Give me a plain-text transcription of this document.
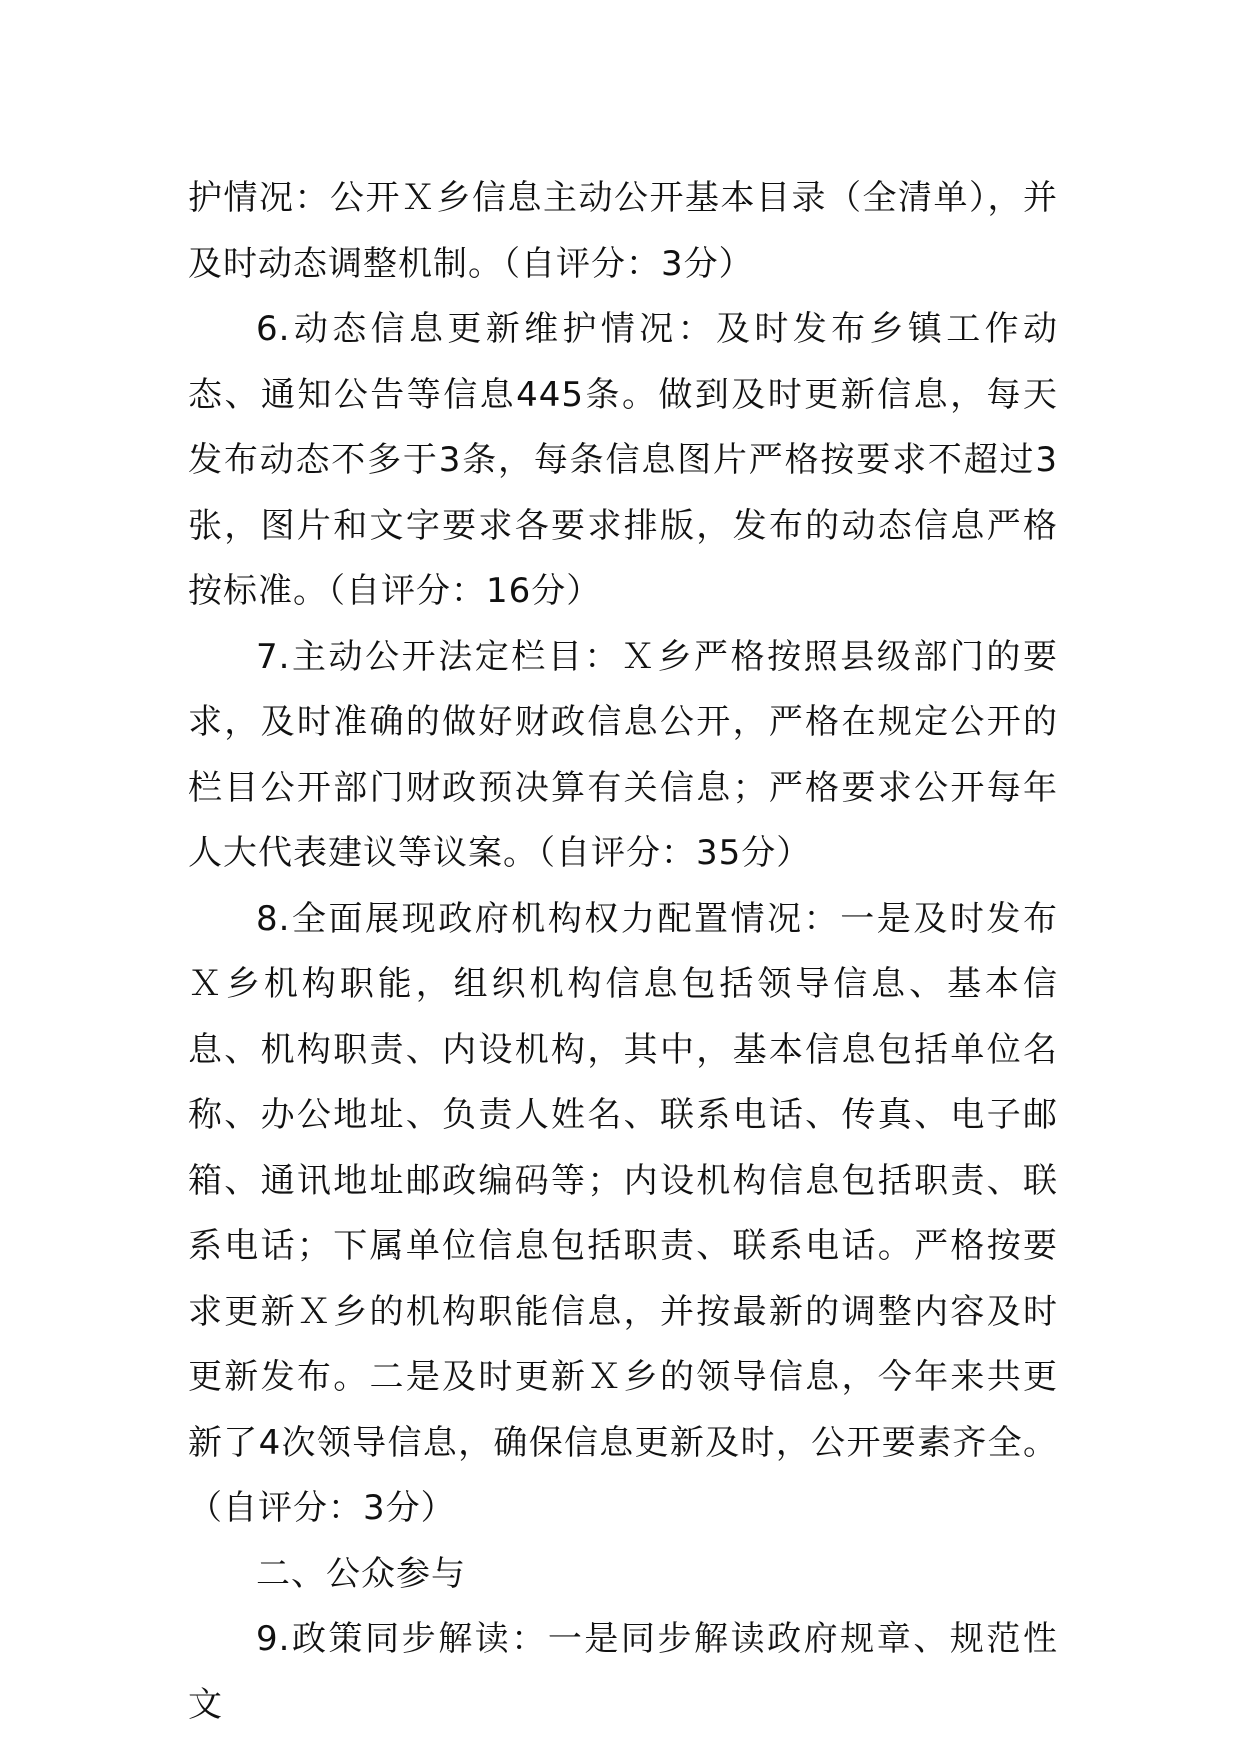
护情况：公开Ｘ乡信息主动公开基本目录（全清单），并及时动态调整机制。（自评分：3分）

6.动态信息更新维护情况：及时发布乡镇工作动态、通知公告等信息445条。做到及时更新信息，每天发布动态不多于3条，每条信息图片严格按要求不超过3张，图片和文字要求各要求排版，发布的动态信息严格按标准。（自评分：16分）

7.主动公开法定栏目：Ｘ乡严格按照县级部门的要求，及时准确的做好财政信息公开，严格在规定公开的栏目公开部门财政预决算有关信息；严格要求公开每年人大代表建议等议案。（自评分：35分）

8.全面展现政府机构权力配置情况：一是及时发布Ｘ乡机构职能，组织机构信息包括领导信息、基本信息、机构职责、内设机构，其中，基本信息包括单位名称、办公地址、负责人姓名、联系电话、传真、电子邮箱、通讯地址邮政编码等；内设机构信息包括职责、联系电话；下属单位信息包括职责、联系电话。严格按要求更新Ｘ乡的机构职能信息，并按最新的调整内容及时更新发布。二是及时更新Ｘ乡的领导信息，今年来共更新了4次领导信息，确保信息更新及时，公开要素齐全。（自评分：3分）

二、公众参与

9.政策同步解读：一是同步解读政府规章、规范性文
